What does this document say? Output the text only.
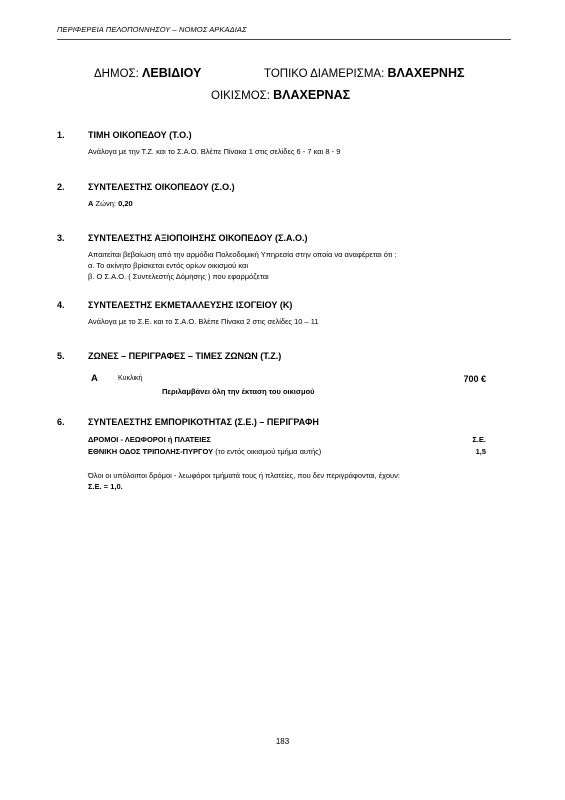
ΠΕΡΙΦΕΡΕΙΑ ΠΕΛΟΠΟΝΝΗΣΟΥ – ΝΟΜΟΣ ΑΡΚΑΔΙΑΣ
ΔΗΜΟΣ: ΛΕΒΙΔΙΟΥ	ΤΟΠΙΚΟ ΔΙΑΜΕΡΙΣΜΑ: ΒΛΑΧΕΡΝΗΣ
ΟΙΚΙΣΜΟΣ: ΒΛΑΧΕΡΝΑΣ
1.	ΤΙΜΗ ΟΙΚΟΠΕΔΟΥ (Τ.Ο.)
Ανάλογα με την Τ.Ζ. και το Σ.Α.Ο. Βλέπε Πίνακα 1 στις σελίδες 6 - 7 και 8 - 9
2.	ΣΥΝΤΕΛΕΣΤΗΣ ΟΙΚΟΠΕΔΟΥ (Σ.Ο.)
Α Ζώνη: 0,20
3.	ΣΥΝΤΕΛΕΣΤΗΣ ΑΞΙΟΠΟΙΗΣΗΣ ΟΙΚΟΠΕΔΟΥ (Σ.Α.Ο.)
Απαιτείται βεβαίωση από την αρμόδια Πολεοδομική Υπηρεσία στην οποία να αναφέρεται ότι :
α. Το ακίνητο βρίσκεται εντός ορίων οικισμού και
β. Ο Σ.Α.Ο. ( Συντελεστής Δόμησης ) που εφαρμόζεται
4.	ΣΥΝΤΕΛΕΣΤΗΣ ΕΚΜΕΤΑΛΛΕΥΣΗΣ ΙΣΟΓΕΙΟΥ (Κ)
Ανάλογα με το Σ.Ε. και το Σ.Α.Ο. Βλέπε Πίνακα 2 στις σελίδες 10 – 11
5.	ΖΩΝΕΣ – ΠΕΡΙΓΡΑΦΕΣ – ΤΙΜΕΣ ΖΩΝΩΝ (Τ.Ζ.)
Α	Κυκλική	700 €
Περιλαμβάνει όλη την έκταση του οικισμού
6.	ΣΥΝΤΕΛΕΣΤΗΣ ΕΜΠΟΡΙΚΟΤΗΤΑΣ (Σ.Ε.) – ΠΕΡΙΓΡΑΦΗ
ΔΡΟΜΟΙ - ΛΕΩΦΟΡΟΙ ή ΠΛΑΤΕΙΕΣ	Σ.Ε.
ΕΘΝΙΚΗ ΟΔΟΣ ΤΡΙΠΟΛΗΣ-ΠΥΡΓΟΥ (το εντός οικισμού τμήμα αυτής)	1,5
Όλοι οι υπόλοιποι δρόμοι - λεωφόροι τμήματά τους ή πλατείες, που δεν περιγράφονται, έχουν:
Σ.Ε. = 1,0.
183
